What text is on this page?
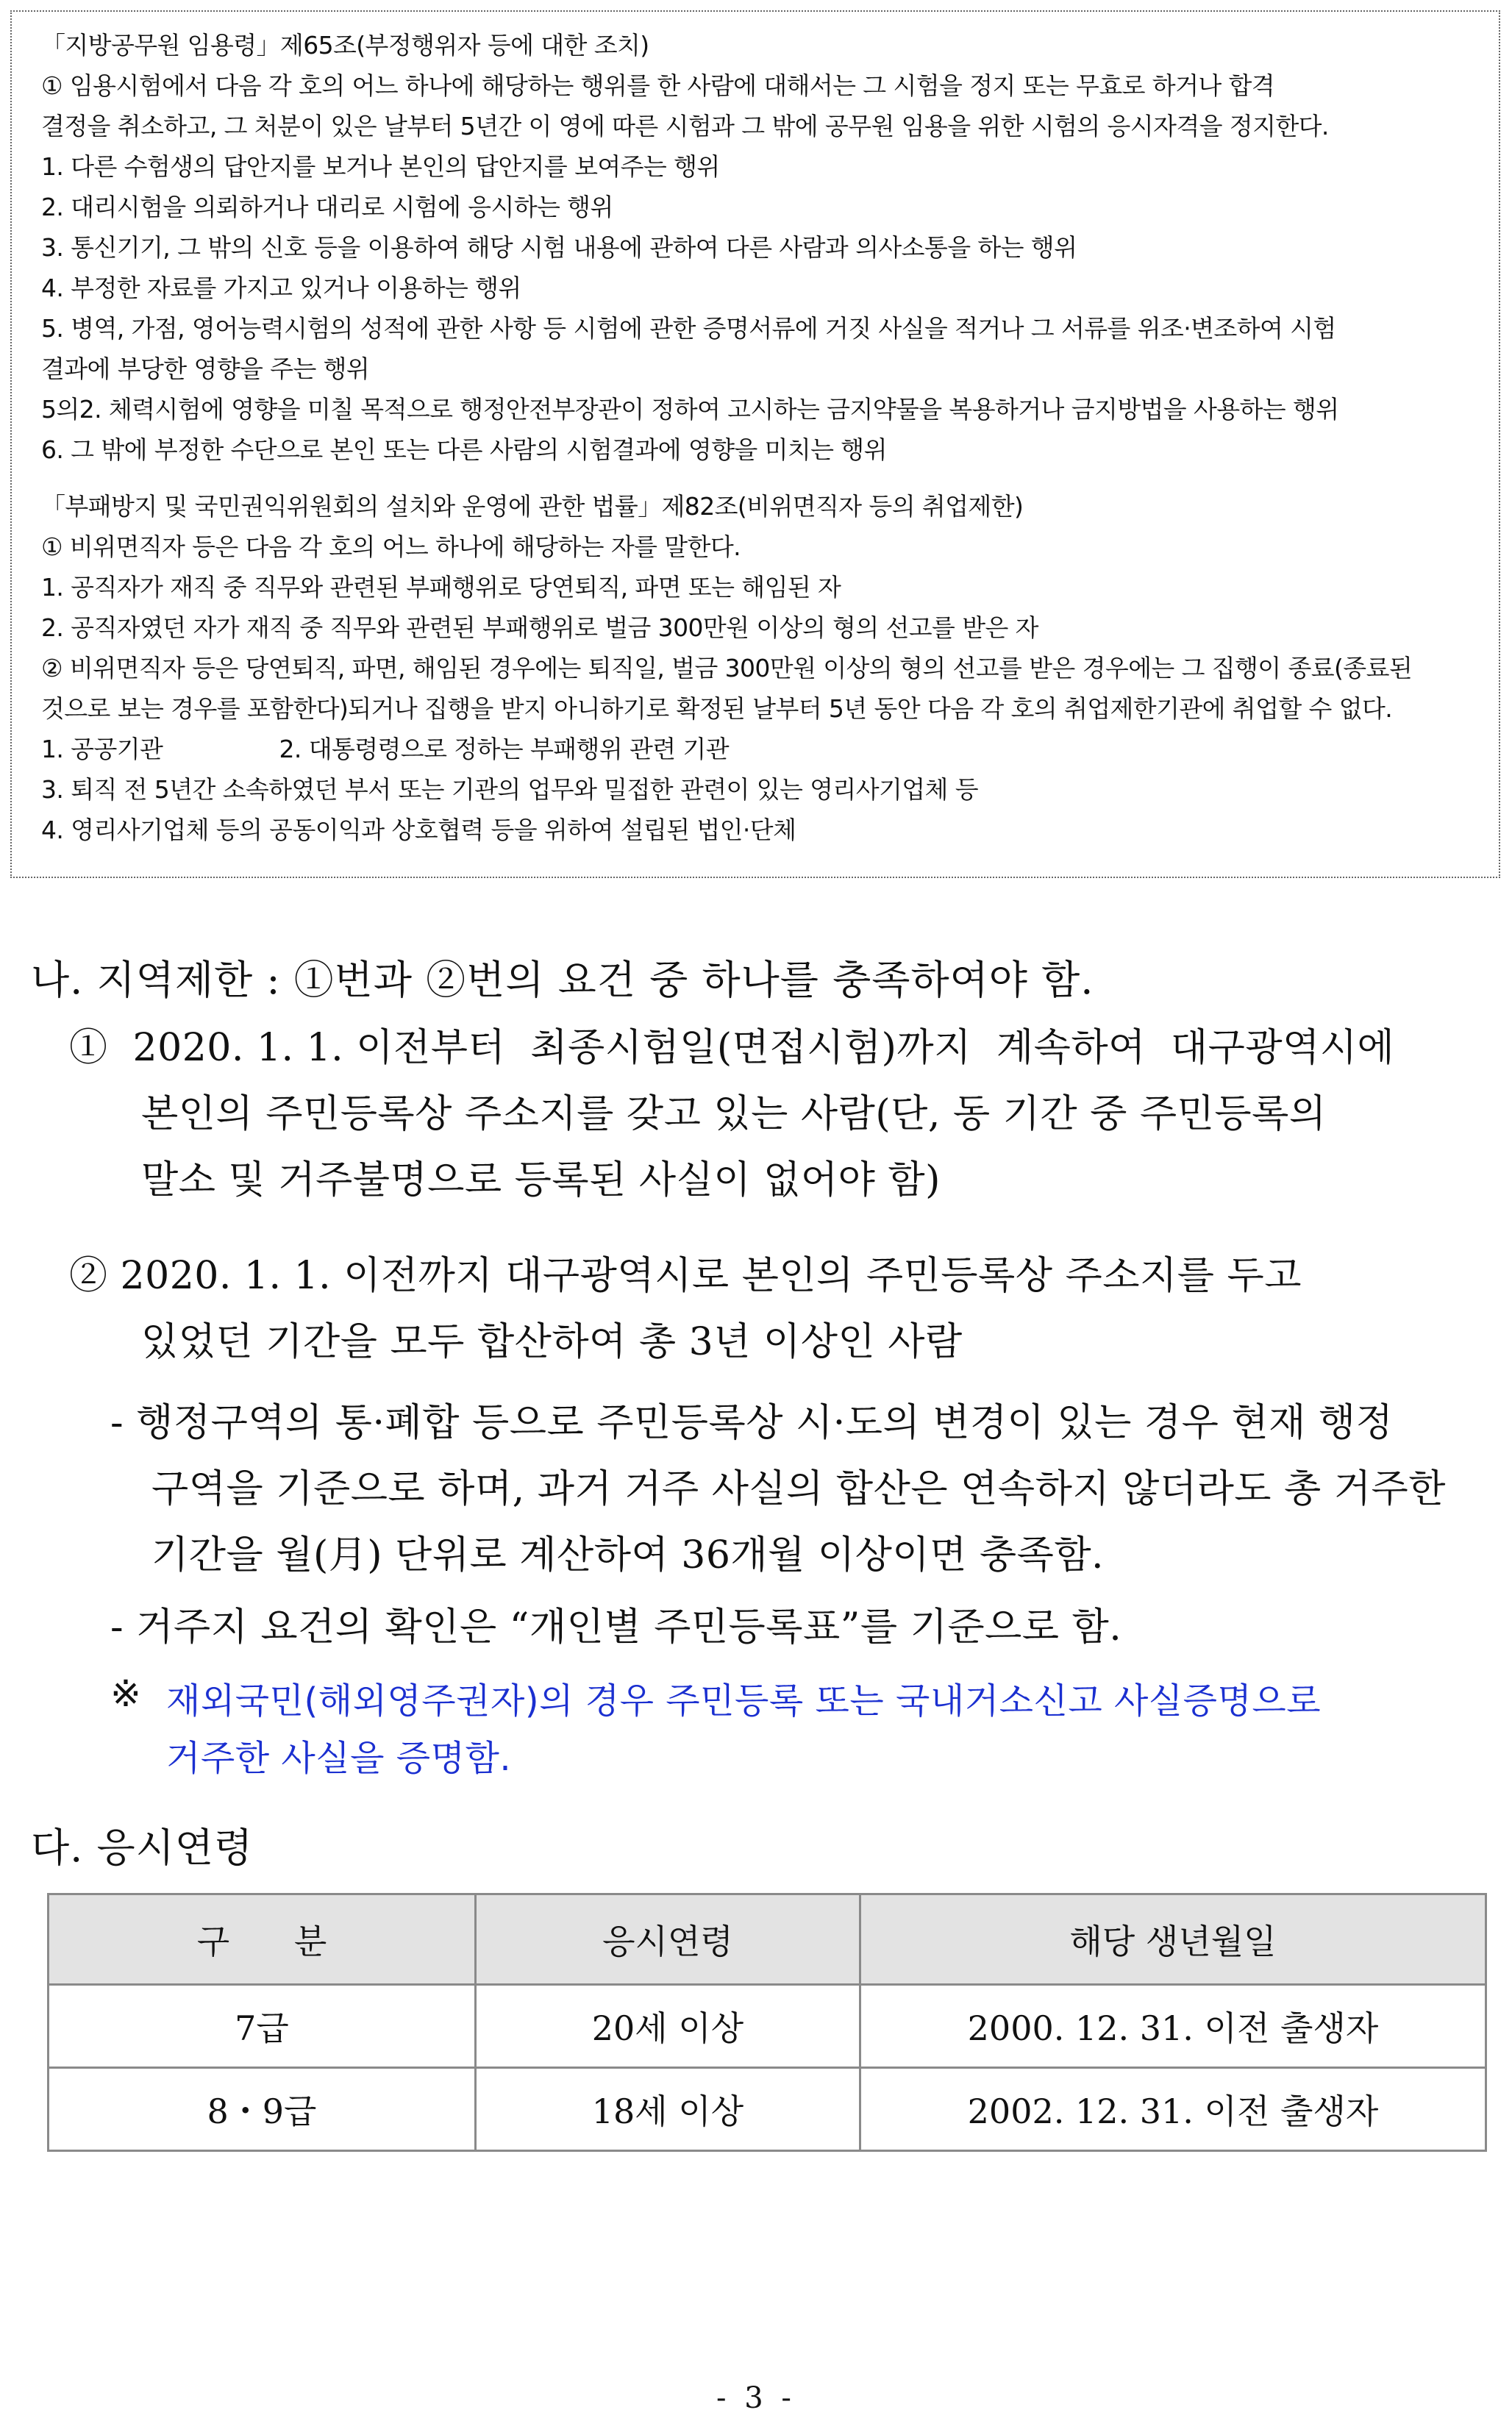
「지방공무원 임용령」제65조(부정행위자 등에 대한 조치)
① 임용시험에서 다음 각 호의 어느 하나에 해당하는 행위를 한 사람에 대해서는 그 시험을 정지 또는 무효로 하거나 합격
결정을 취소하고, 그 처분이 있은 날부터 5년간 이 영에 따른 시험과 그 밖에 공무원 임용을 위한 시험의 응시자격을 정지한다.
1. 다른 수험생의 답안지를 보거나 본인의 답안지를 보여주는 행위
2. 대리시험을 의뢰하거나 대리로 시험에 응시하는 행위
3. 통신기기, 그 밖의 신호 등을 이용하여 해당 시험 내용에 관하여 다른 사람과 의사소통을 하는 행위
4. 부정한 자료를 가지고 있거나 이용하는 행위
5. 병역, 가점, 영어능력시험의 성적에 관한 사항 등 시험에 관한 증명서류에 거짓 사실을 적거나 그 서류를 위조·변조하여 시험
결과에 부당한 영향을 주는 행위
5의2. 체력시험에 영향을 미칠 목적으로 행정안전부장관이 정하여 고시하는 금지약물을 복용하거나 금지방법을 사용하는 행위
6. 그 밖에 부정한 수단으로 본인 또는 다른 사람의 시험결과에 영향을 미치는 행위
「부패방지 및 국민권익위원회의 설치와 운영에 관한 법률」제82조(비위면직자 등의 취업제한)
① 비위면직자 등은 다음 각 호의 어느 하나에 해당하는 자를 말한다.
1. 공직자가 재직 중 직무와 관련된 부패행위로 당연퇴직, 파면 또는 해임된 자
2. 공직자였던 자가 재직 중 직무와 관련된 부패행위로 벌금 300만원 이상의 형의 선고를 받은 자
② 비위면직자 등은 당연퇴직, 파면, 해임된 경우에는 퇴직일, 벌금 300만원 이상의 형의 선고를 받은 경우에는 그 집행이 종료(종료된
것으로 보는 경우를 포함한다)되거나 집행을 받지 아니하기로 확정된 날부터 5년 동안 다음 각 호의 취업제한기관에 취업할 수 없다.
1. 공공기관                2. 대통령령으로 정하는 부패행위 관련 기관
3. 퇴직 전 5년간 소속하였던 부서 또는 기관의 업무와 밀접한 관련이 있는 영리사기업체 등
4. 영리사기업체 등의 공동이익과 상호협력 등을 위하여 설립된 법인·단체
나. 지역제한 : ①번과 ②번의 요건 중 하나를 충족하여야 함.
①  2020. 1. 1. 이전부터  최종시험일(면접시험)까지  계속하여  대구광역시에
본인의 주민등록상 주소지를 갖고 있는 사람(단, 동 기간 중 주민등록의
말소 및 거주불명으로 등록된 사실이 없어야 함)
② 2020. 1. 1. 이전까지 대구광역시로 본인의 주민등록상 주소지를 두고
있었던 기간을 모두 합산하여 총 3년 이상인 사람
- 행정구역의 통·폐합 등으로 주민등록상 시·도의 변경이 있는 경우 현재 행정
구역을 기준으로 하며, 과거 거주 사실의 합산은 연속하지 않더라도 총 거주한
기간을 월(月) 단위로 계산하여 36개월 이상이면 충족함.
- 거주지 요건의 확인은 “개인별 주민등록표”를 기준으로 함.
※ 재외국민(해외영주권자)의 경우 주민등록 또는 국내거소신고 사실증명으로
거주한 사실을 증명함.
다. 응시연령
구      분	응시연령	해당 생년월일
7급	20세 이상	2000. 12. 31. 이전 출생자
8・9급	18세 이상	2002. 12. 31. 이전 출생자
- 3 -
